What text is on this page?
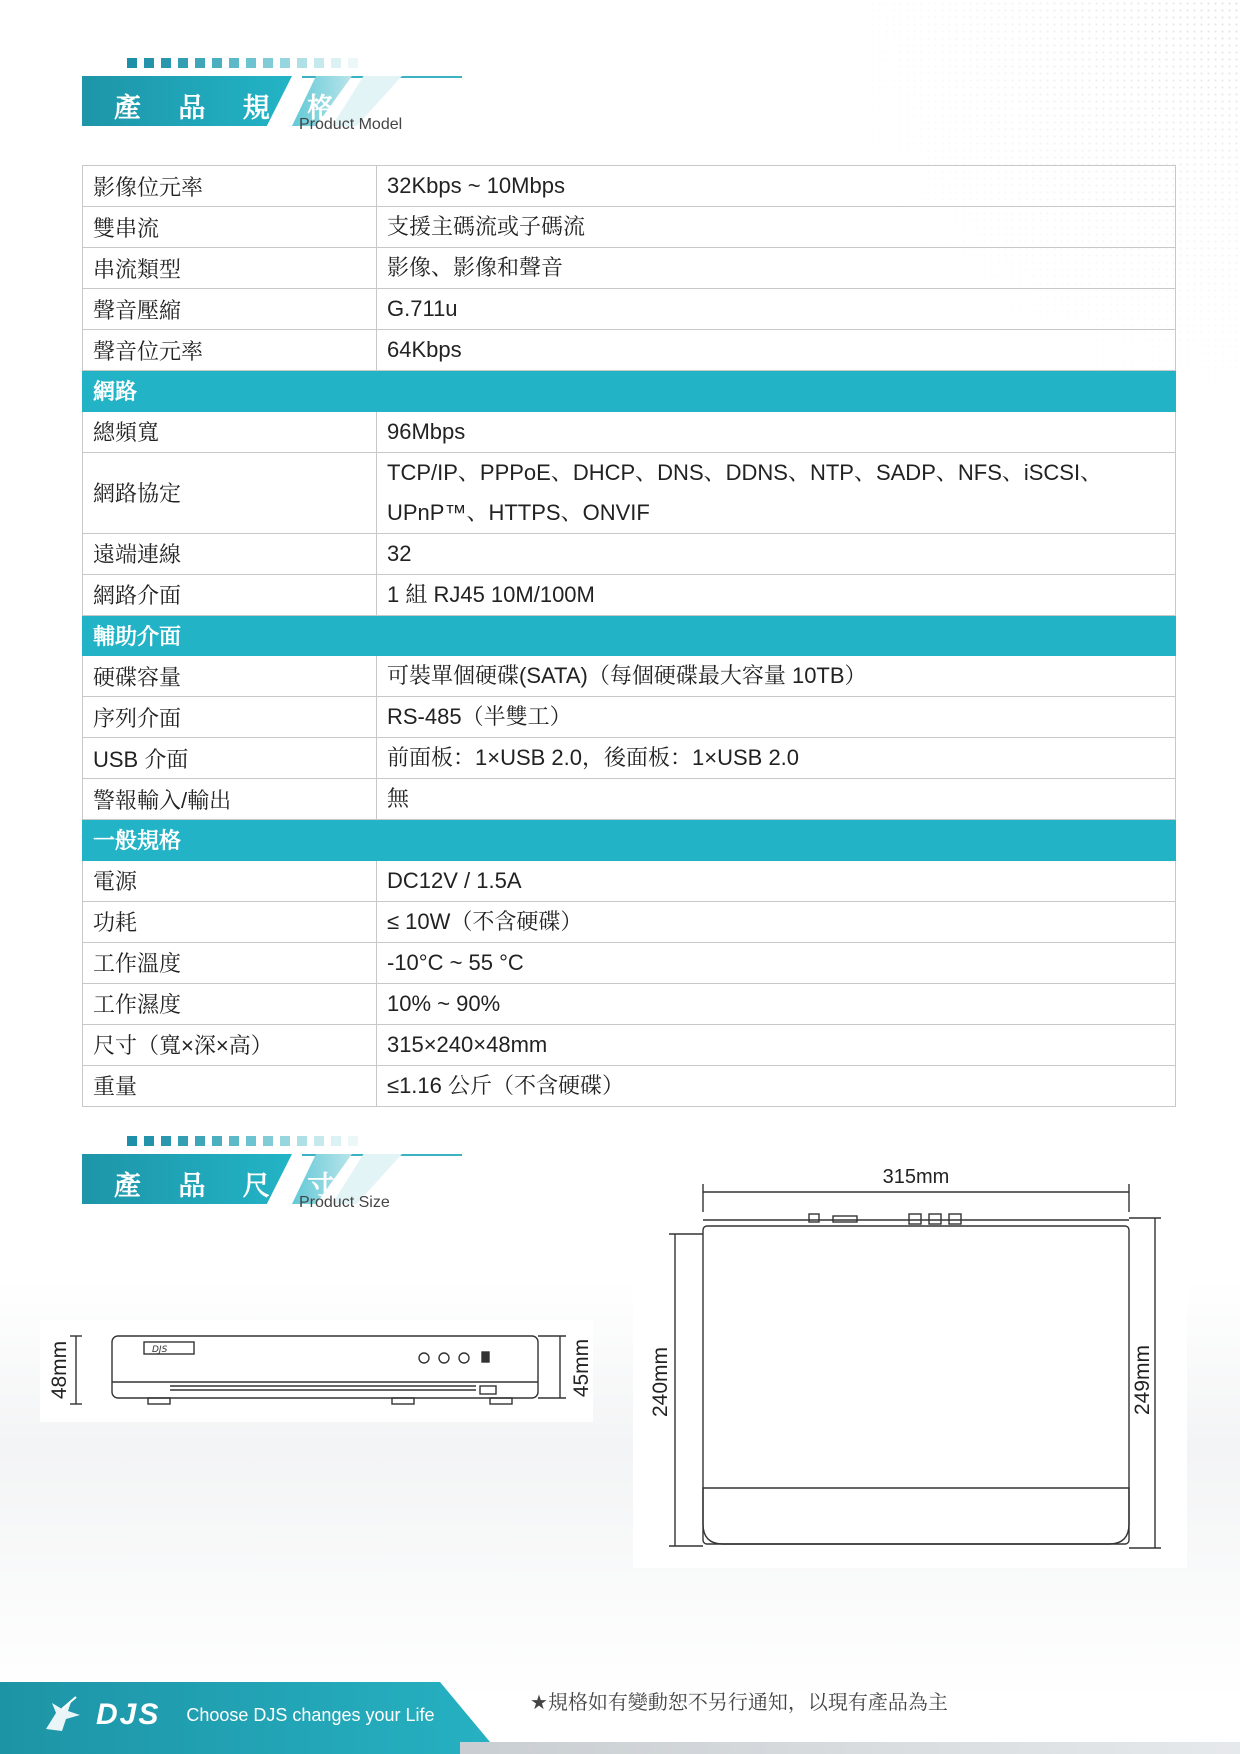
產 品 規 格
Product Model
影像位元率	32Kbps ~ 10Mbps

雙串流	支援主碼流或子碼流

串流類型	影像、影像和聲音

聲音壓縮	G.711u

聲音位元率	64Kbps

網路	
總頻寬	96Mbps

網路協定	TCP/IP、PPPoE、DHCP、DNS、DDNS、NTP、SADP、NFS、iSCSI、
UPnP™、HTTPS、ONVIF

遠端連線	32

網路介面	1 組 RJ45 10M/100M

輔助介面	
硬碟容量	可裝單個硬碟(SATA)（每個硬碟最大容量 10TB）

序列介面	RS-485（半雙工）

USB 介面	前面板：1×USB 2.0，後面板：1×USB 2.0

警報輸入/輸出	無

一般規格	
電源	DC12V / 1.5A

功耗	≤ 10W（不含硬碟）

工作溫度	-10°C ~ 55 °C

工作濕度	10% ~ 90%

尺寸（寬×深×高）	315×240×48mm

重量	≤1.16 公斤（不含硬碟）
產 品 尺 寸
Product Size
DJS
48mm	45mm
315mm
240mm	249mm
DJS Choose DJS changes your Life
★規格如有變動恕不另行通知，以現有產品為主
